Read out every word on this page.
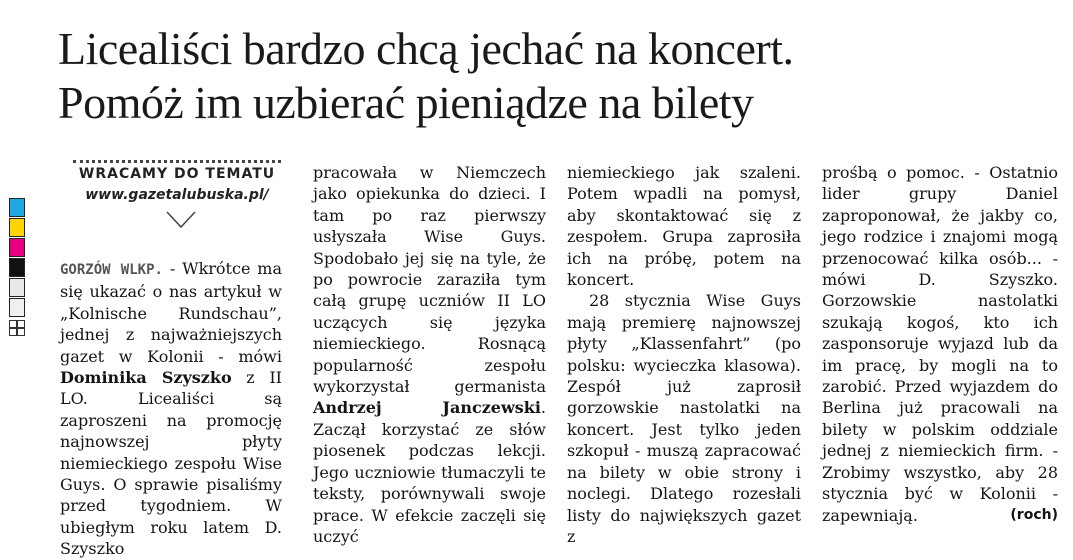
Licealiści bardzo chcą jechać na koncert.
Pomóż im uzbierać pieniądze na bilety
WRACAMY DO TEMATU
www.gazetalubuska.pl/

GORZÓW WLKP. - Wkrótce ma się ukazać o nas artykuł w „Kolnische Rundschau”, jednej z najważniejszych gazet w Kolonii - mówi Dominika Szyszko z II LO. Licealiści są zaproszeni na promocję najnowszej płyty niemieckiego zespołu Wise Guys. O sprawie pisaliśmy przed tygodniem. W ubiegłym roku latem D. Szyszko

pracowała w Niemczech jako opiekunka do dzieci. I tam po raz pierwszy usłyszała Wise Guys. Spodobało jej się na tyle, że po powrocie zaraziła tym całą grupę uczniów II LO uczących się języka niemieckiego. Rosnącą popularność zespołu wykorzystał germanista Andrzej Janczewski. Zaczął korzystać ze słów piosenek podczas lekcji. Jego uczniowie tłumaczyli te teksty, porównywali swoje prace. W efekcie zaczęli się uczyć

niemieckiego jak szaleni. Potem wpadli na pomysł, aby skontaktować się z zespołem. Grupa zaprosiła ich na próbę, potem na koncert.

28 stycznia Wise Guys mają premierę najnowszej płyty „Klassenfahrt” (po polsku: wycieczka klasowa). Zespół już zaprosił gorzowskie nastolatki na koncert. Jest tylko jeden szkopuł - muszą zapracować na bilety w obie strony i noclegi. Dlatego rozesłali listy do największych gazet z

prośbą o pomoc. - Ostatnio lider grupy Daniel zaproponował, że jakby co, jego rodzice i znajomi mogą przenocować kilka osób... - mówi D. Szyszko. Gorzowskie nastolatki szukają kogoś, kto ich zasponsoruje wyjazd lub da im pracę, by mogli na to zarobić. Przed wyjazdem do Berlina już pracowali na bilety w polskim oddziale jednej z niemieckich firm. - Zrobimy wszystko, aby 28 stycznia być w Kolonii - zapewniają.	(roch)
